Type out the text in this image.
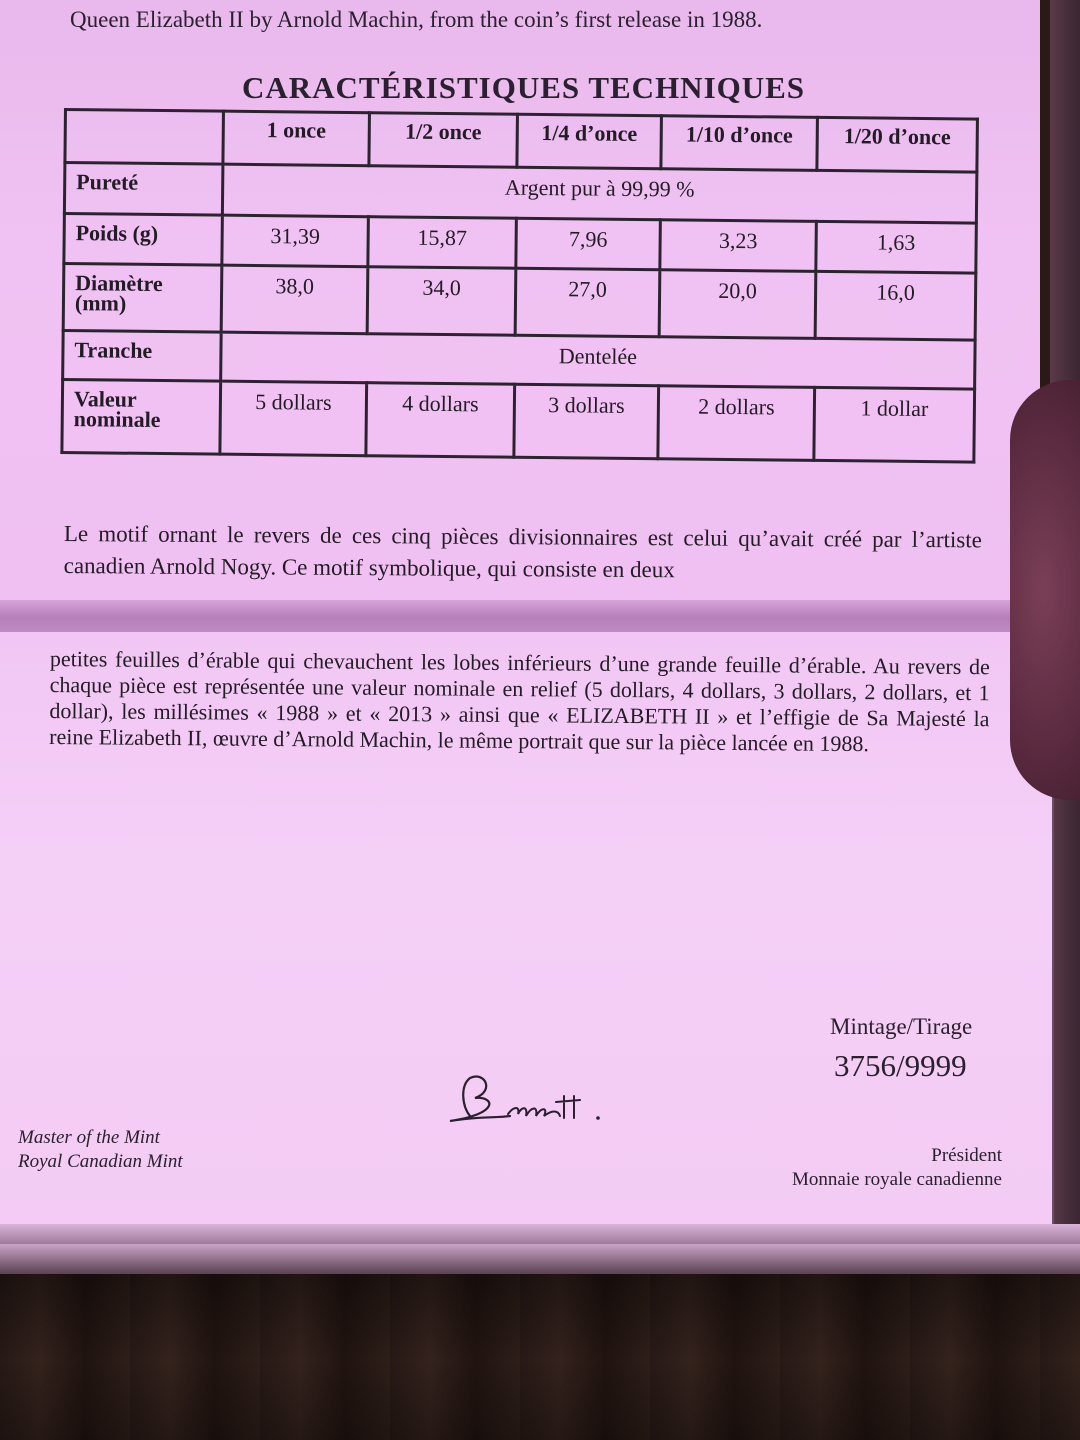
Queen Elizabeth II by Arnold Machin, from the coin’s first release in 1988.
CARACTÉRISTIQUES TECHNIQUES
	1 once	1/2 once	1/4 d’once	1/10 d’once	1/20 d’once
Pureté	Argent pur à 99,99 %				
Poids (g)	31,39	15,87	7,96	3,23	1,63
Diamètre (mm)	38,0	34,0	27,0	20,0	16,0
Tranche	Dentelée				
Valeur nominale	5 dollars	4 dollars	3 dollars	2 dollars	1 dollar
Le motif ornant le revers de ces cinq pièces divisionnaires est celui qu’avait créé par l’artiste canadien Arnold Nogy. Ce motif symbolique, qui consiste en deux
petites feuilles d’érable qui chevauchent les lobes inférieurs d’une grande feuille d’érable. Au revers de chaque pièce est représentée une valeur nominale en relief (5 dollars, 4 dollars, 3 dollars, 2 dollars, et 1 dollar), les millésimes « 1988 » et « 2013 » ainsi que « ELIZABETH II » et l’effigie de Sa Majesté la reine Elizabeth II, œuvre d’Arnold Machin, le même portrait que sur la pièce lancée en 1988.
Mintage/Tirage
3756/9999
Master of the Mint
Royal Canadian Mint	Président
Monnaie royale canadienne
